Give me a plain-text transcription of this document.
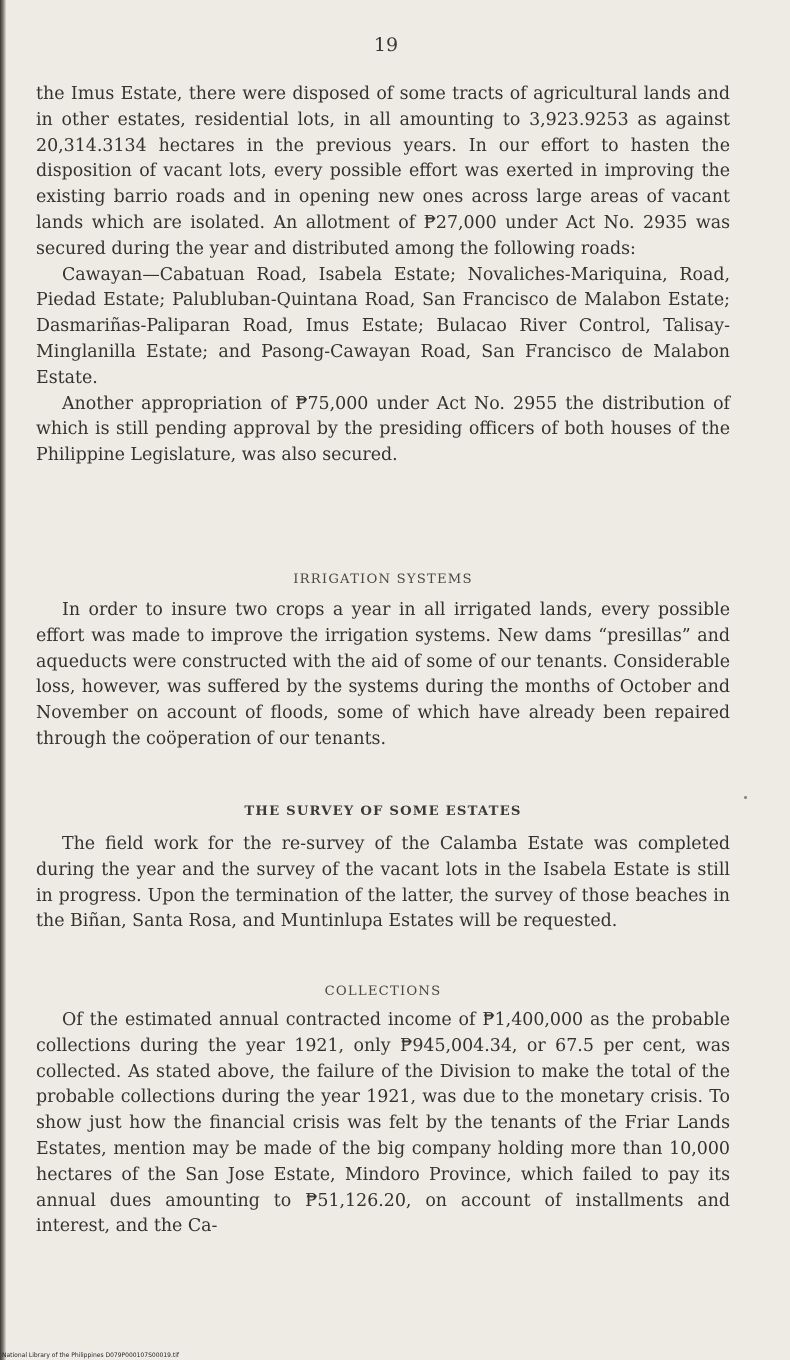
19

the Imus Estate, there were disposed of some tracts of agricultural lands and in other estates, residential lots, in all amounting to 3,923.9253 as against 20,314.3134 hectares in the previous years. In our effort to hasten the disposition of vacant lots, every possible effort was exerted in improving the existing barrio roads and in opening new ones across large areas of vacant lands which are isolated. An allotment of ₱27,000 under Act No. 2935 was secured during the year and distributed among the following roads:

Cawayan—Cabatuan Road, Isabela Estate; Novaliches-Mariquina, Road, Piedad Estate; Palubluban-Quintana Road, San Francisco de Malabon Estate; Dasmariñas-Paliparan Road, Imus Estate; Bulacao River Control, Talisay-Minglanilla Estate; and Pasong-Cawayan Road, San Francisco de Malabon Estate.

Another appropriation of ₱75,000 under Act No. 2955 the distribution of which is still pending approval by the presiding officers of both houses of the Philippine Legislature, was also secured.

IRRIGATION SYSTEMS

In order to insure two crops a year in all irrigated lands, every possible effort was made to improve the irrigation systems. New dams “presillas” and aqueducts were constructed with the aid of some of our tenants. Considerable loss, however, was suffered by the systems during the months of October and November on account of floods, some of which have already been repaired through the coöperation of our tenants.

THE SURVEY OF SOME ESTATES

The field work for the re-survey of the Calamba Estate was completed during the year and the survey of the vacant lots in the Isabela Estate is still in progress. Upon the termination of the latter, the survey of those beaches in the Biñan, Santa Rosa, and Muntinlupa Estates will be requested.

COLLECTIONS

Of the estimated annual contracted income of ₱1,400,000 as the probable collections during the year 1921, only ₱945,004.34, or 67.5 per cent, was collected. As stated above, the failure of the Division to make the total of the probable collections during the year 1921, was due to the monetary crisis. To show just how the financial crisis was felt by the tenants of the Friar Lands Estates, mention may be made of the big company holding more than 10,000 hectares of the San Jose Estate, Mindoro Province, which failed to pay its annual dues amounting to ₱51,126.20, on account of installments and interest, and the Ca-

National Library of the Philippines D079P000107S00019.tif
